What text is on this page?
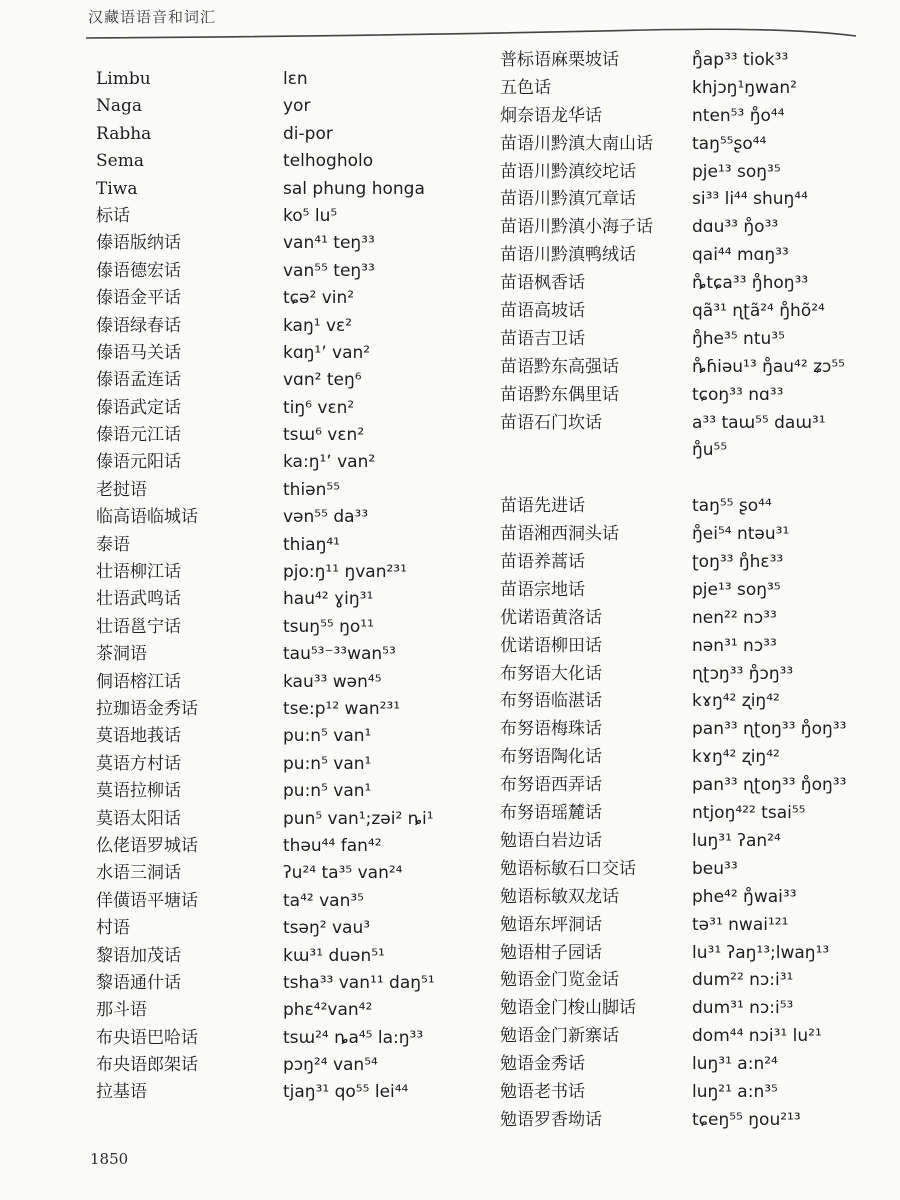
汉藏语语音和词汇
Limbu
Naga
Rabha
Sema
Tiwa
标话
傣语版纳话
傣语德宏话
傣语金平话
傣语绿春话
傣语马关话
傣语孟连话
傣语武定话
傣语元江话
傣语元阳话
老挝语
临高语临城话
泰语
壮语柳江话
壮语武鸣话
壮语邕宁话
茶洞语
侗语榕江话
拉珈语金秀话
莫语地莪话
莫语方村话
莫语拉柳话
莫语太阳话
仫佬语罗城话
水语三洞话
佯僙语平塘话
村语
黎语加茂话
黎语通什话
那斗语
布央语巴哈话
布央语郎架话
拉基语
lɛn
yor
di-por
telhogholo
sal phung honga
ko⁵ lu⁵
van⁴¹ teŋ³³
van⁵⁵ teŋ³³
tɕə² vin²
kaŋ¹ vɛ²
kɑŋ¹ʼ van²
vɑn² teŋ⁶
tiŋ⁶ vɛn²
tsɯ⁶ vɛn²
ka:ŋ¹ʼ van²
thiən⁵⁵
vən⁵⁵ da³³
thiaŋ⁴¹
pjo:ŋ¹¹ ŋvan²³¹
hau⁴² ɣiŋ³¹
tsuŋ⁵⁵ ŋo¹¹
tau⁵³⁻³³wan⁵³
kau³³ wən⁴⁵
tse:p¹² wan²³¹
pu:n⁵ van¹
pu:n⁵ van¹
pu:n⁵ van¹
pun⁵ van¹;zəi² ȵi¹
thəu⁴⁴ fan⁴²
ʔu²⁴ ta³⁵ van²⁴
ta⁴² van³⁵
tsəŋ² vau³
kɯ³¹ duən⁵¹
tsha³³ van¹¹ daŋ⁵¹
phɛ⁴²van⁴²
tsɯ²⁴ ȵa⁴⁵ la:ŋ³³
pɔŋ²⁴ van⁵⁴
tjaŋ³¹ qo⁵⁵ lei⁴⁴
普标语麻栗坡话
五色话
炯奈语龙华话
苗语川黔滇大南山话
苗语川黔滇绞坨话
苗语川黔滇冗章话
苗语川黔滇小海子话
苗语川黔滇鸭绒话
苗语枫香话
苗语高坡话
苗语吉卫话
苗语黔东高强话
苗语黔东偶里话
苗语石门坎话
苗语先进话
苗语湘西洞头话
苗语养蒿话
苗语宗地话
优诺语黄洛话
优诺语柳田话
布努语大化话
布努语临湛话
布努语梅珠话
布努语陶化话
布努语西弄话
布努语瑶麓话
勉语白岩边话
勉语标敏石口交话
勉语标敏双龙话
勉语东坪洞话
勉语柑子园话
勉语金门览金话
勉语金门梭山脚话
勉语金门新寨话
勉语金秀话
勉语老书话
勉语罗香坳话
ŋ̊ap³³ tiok³³
khjɔŋ¹ŋwan²
nten⁵³ ŋ̊o⁴⁴
taŋ⁵⁵ʂo⁴⁴
pje¹³ soŋ³⁵
si³³ li⁴⁴ shuŋ⁴⁴
dɑu³³ ŋ̊o³³
qai⁴⁴ mɑŋ³³
ȵ̊tɕa³³ ŋ̊hoŋ³³
qã³¹ ɳʈã²⁴ ŋ̊hõ²⁴
ŋ̊he³⁵ ntu³⁵
ȵ̊ɦiəu¹³ ŋ̊au⁴² ʑɔ⁵⁵
tɕoŋ³³ nɑ³³
a³³ taɯ⁵⁵ daɯ³¹
ŋ̊u⁵⁵
taŋ⁵⁵ ʂo⁴⁴
ŋ̊ei⁵⁴ ntəu³¹
ʈoŋ³³ ŋ̊hɛ³³
pje¹³ soŋ³⁵
nen²² nɔ³³
nən³¹ nɔ³³
ɳʈɔŋ³³ ŋ̊ɔŋ³³
kɤŋ⁴² ʐiŋ⁴²
pan³³ ɳʈoŋ³³ ŋ̊oŋ³³
kɤŋ⁴² ʐiŋ⁴²
pan³³ ɳʈoŋ³³ ŋ̊oŋ³³
ntjoŋ⁴²² tsai⁵⁵
luŋ³¹ ʔan²⁴
beu³³
phe⁴² ŋ̊wai³³
tə³¹ nwai¹²¹
lu³¹ ʔaŋ¹³;lwaŋ¹³
dum²² nɔ:i³¹
dum³¹ nɔ:i⁵³
dom⁴⁴ nɔi³¹ lu²¹
luŋ³¹ a:n²⁴
luŋ²¹ a:n³⁵
tɕeŋ⁵⁵ ŋou²¹³
1850
